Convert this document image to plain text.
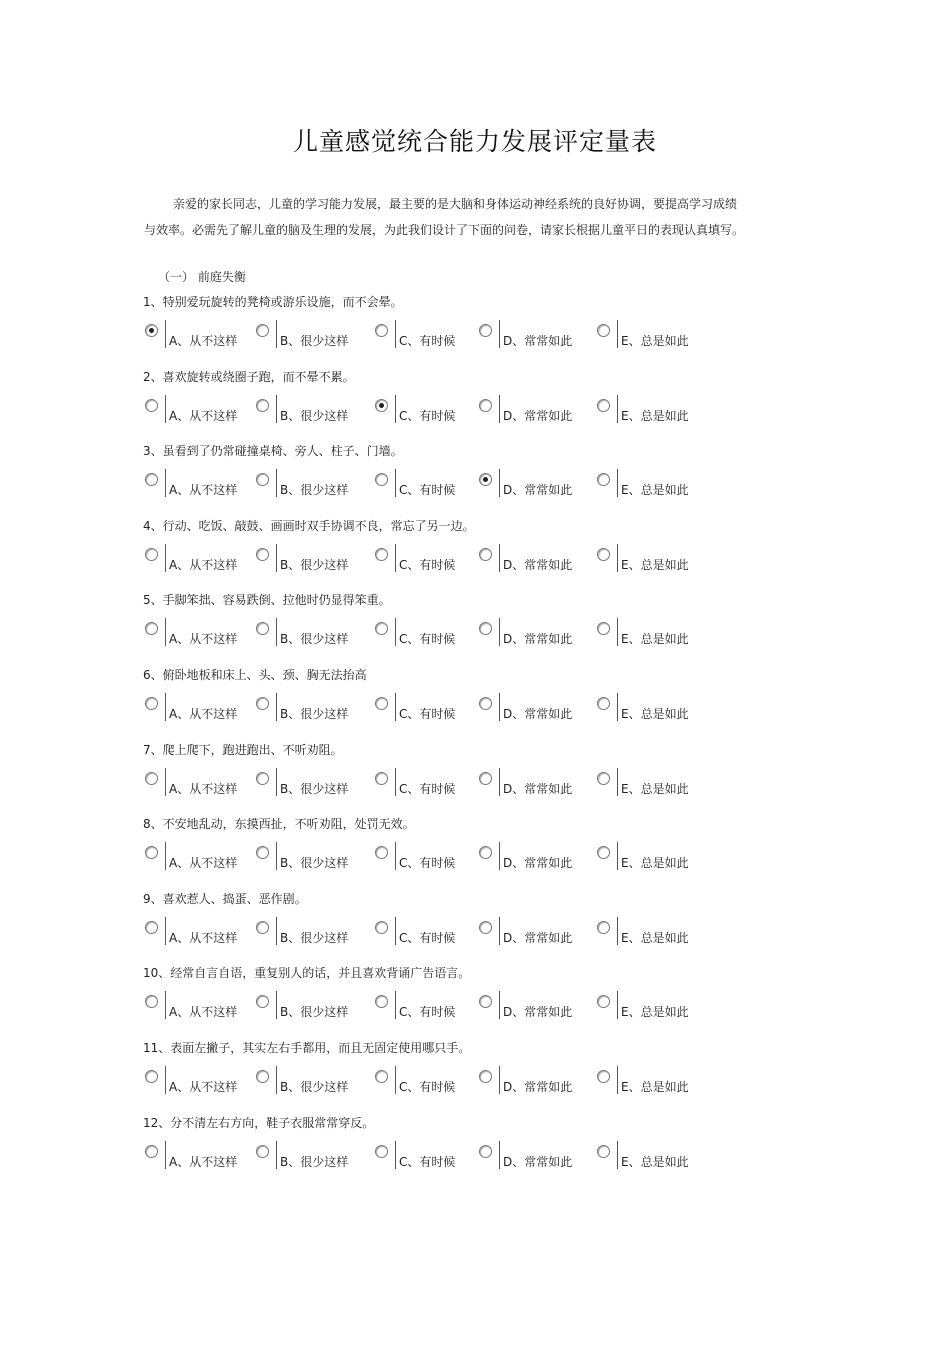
儿童感觉统合能力发展评定量表
亲爱的家长同志，儿童的学习能力发展，最主要的是大脑和身体运动神经系统的良好协调，要提高学习成绩与效率。必需先了解儿童的脑及生理的发展，为此我们设计了下面的问卷，请家长根据儿童平日的表现认真填写。
（一） 前庭失衡
1、特别爱玩旋转的凳椅或游乐设施，而不会晕。
A、从不这样	B、很少这样	C、有时候	D、常常如此	E、总是如此
2、喜欢旋转或绕圈子跑，而不晕不累。
A、从不这样	B、很少这样	C、有时候	D、常常如此	E、总是如此
3、虽看到了仍常碰撞桌椅、旁人、柱子、门墙。
A、从不这样	B、很少这样	C、有时候	D、常常如此	E、总是如此
4、行动、吃饭、敲鼓、画画时双手协调不良，常忘了另一边。
A、从不这样	B、很少这样	C、有时候	D、常常如此	E、总是如此
5、手脚笨拙、容易跌倒、拉他时仍显得笨重。
A、从不这样	B、很少这样	C、有时候	D、常常如此	E、总是如此
6、俯卧地板和床上、头、颈、胸无法抬高
A、从不这样	B、很少这样	C、有时候	D、常常如此	E、总是如此
7、爬上爬下，跑进跑出、不听劝阻。
A、从不这样	B、很少这样	C、有时候	D、常常如此	E、总是如此
8、不安地乱动，东摸西扯，不听劝阻，处罚无效。
A、从不这样	B、很少这样	C、有时候	D、常常如此	E、总是如此
9、喜欢惹人、捣蛋、恶作剧。
A、从不这样	B、很少这样	C、有时候	D、常常如此	E、总是如此
10、经常自言自语，重复别人的话，并且喜欢背诵广告语言。
A、从不这样	B、很少这样	C、有时候	D、常常如此	E、总是如此
11、表面左撇子，其实左右手都用，而且无固定使用哪只手。
A、从不这样	B、很少这样	C、有时候	D、常常如此	E、总是如此
12、分不清左右方向，鞋子衣服常常穿反。
A、从不这样	B、很少这样	C、有时候	D、常常如此	E、总是如此
